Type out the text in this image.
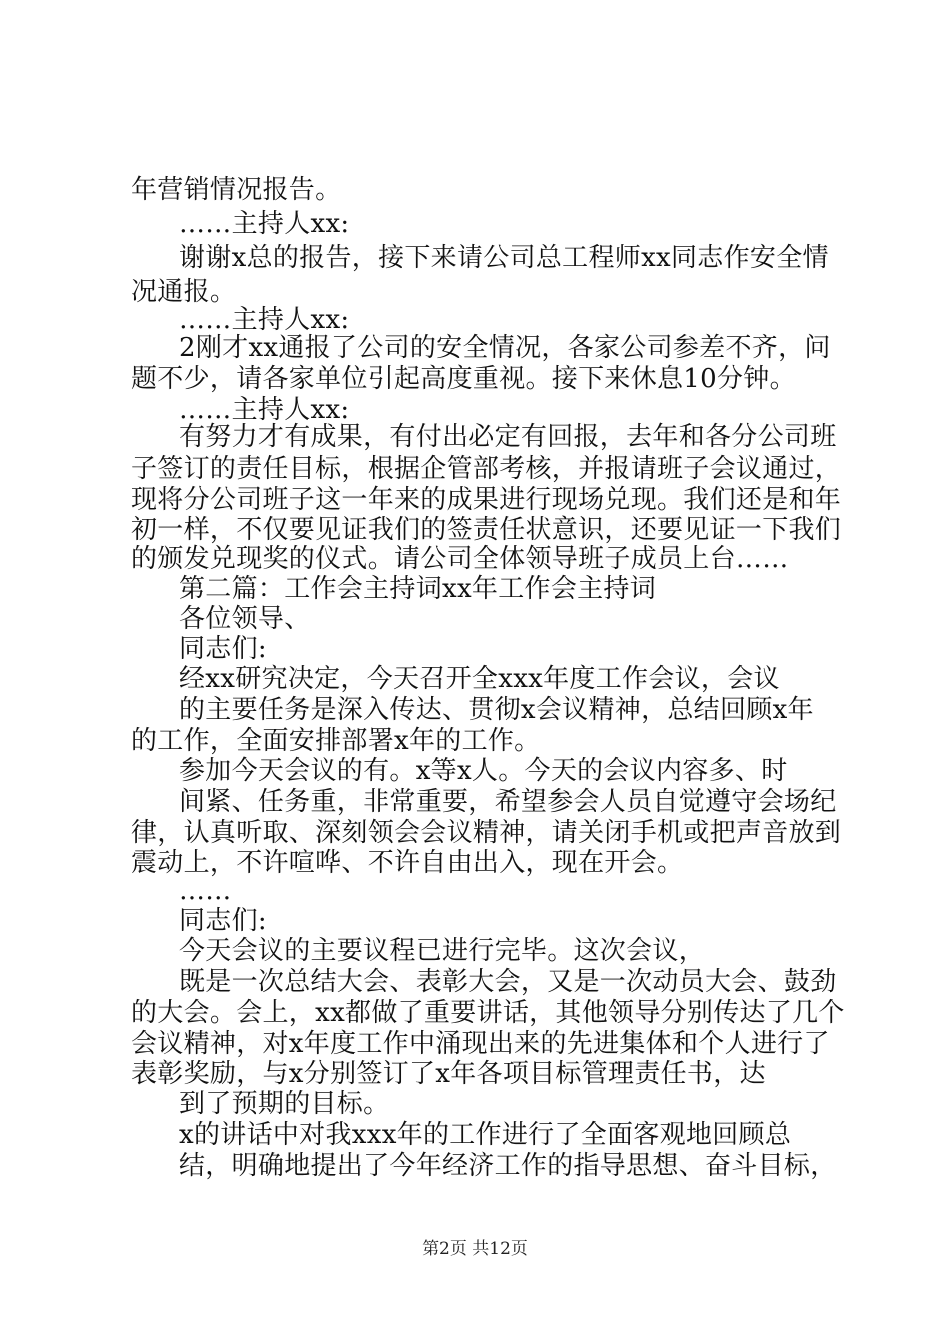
年营销情况报告。
……主持人xx:
谢谢x总的报告，接下来请公司总工程师xx同志作安全情
况通报。
……主持人xx:
2刚才xx通报了公司的安全情况，各家公司参差不齐，问
题不少，请各家单位引起高度重视。接下来休息10分钟。
……主持人xx:
有努力才有成果，有付出必定有回报，去年和各分公司班
子签订的责任目标，根据企管部考核，并报请班子会议通过，
现将分公司班子这一年来的成果进行现场兑现。我们还是和年
初一样，不仅要见证我们的签责任状意识，还要见证一下我们
的颁发兑现奖的仪式。请公司全体领导班子成员上台……
第二篇：工作会主持词xx年工作会主持词
各位领导、
同志们:
经xx研究决定，今天召开全xxx年度工作会议，会议
的主要任务是深入传达、贯彻x会议精神，总结回顾x年
的工作，全面安排部署x年的工作。
参加今天会议的有。x等x人。今天的会议内容多、时
间紧、任务重，非常重要，希望参会人员自觉遵守会场纪
律，认真听取、深刻领会会议精神，请关闭手机或把声音放到
震动上，不许喧哗、不许自由出入，现在开会。
……
同志们:
今天会议的主要议程已进行完毕。这次会议，
既是一次总结大会、表彰大会，又是一次动员大会、鼓劲
的大会。会上，xx都做了重要讲话，其他领导分别传达了几个
会议精神，对x年度工作中涌现出来的先进集体和个人进行了
表彰奖励，与x分别签订了x年各项目标管理责任书，达
到了预期的目标。
x的讲话中对我xxx年的工作进行了全面客观地回顾总
结，明确地提出了今年经济工作的指导思想、奋斗目标，
第2页 共12页
